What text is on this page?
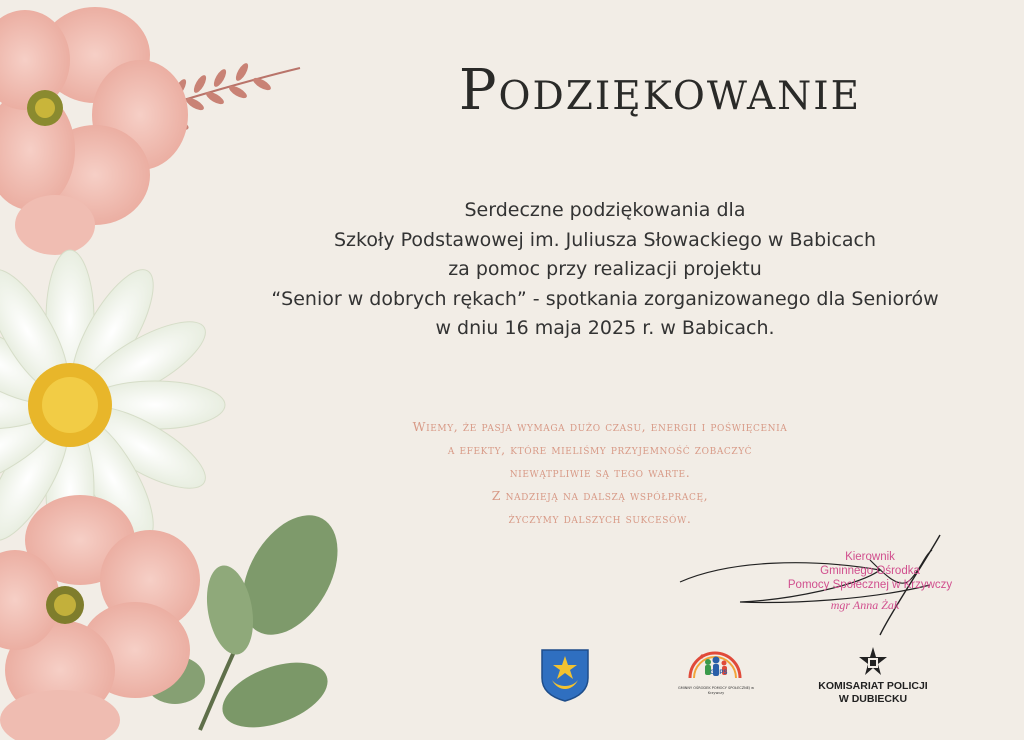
Podziękowanie
Serdeczne podziękowania dla
Szkoły Podstawowej im. Juliusza Słowackiego w Babicach
za pomoc przy realizacji projektu
“Senior w dobrych rękach” - spotkania zorganizowanego dla Seniorów
w dniu 16 maja 2025 r. w Babicach.
Wiemy, że pasja wymaga dużo czasu, energii i poświęcenia
a efekty, które mieliśmy przyjemność zobaczyć
niewątpliwie są tego warte.
Z nadzieją na dalszą współpracę,
życzymy dalszych sukcesów.
Kierownik
Gminnego Ośrodka
Pomocy Społecznej w Krzywczy
mgr Anna Żak
GOPS
GMINNY OŚRODEK POMOCY SPOŁECZNEJ w Krzywczy
KOMISARIAT POLICJI
W DUBIECKU
